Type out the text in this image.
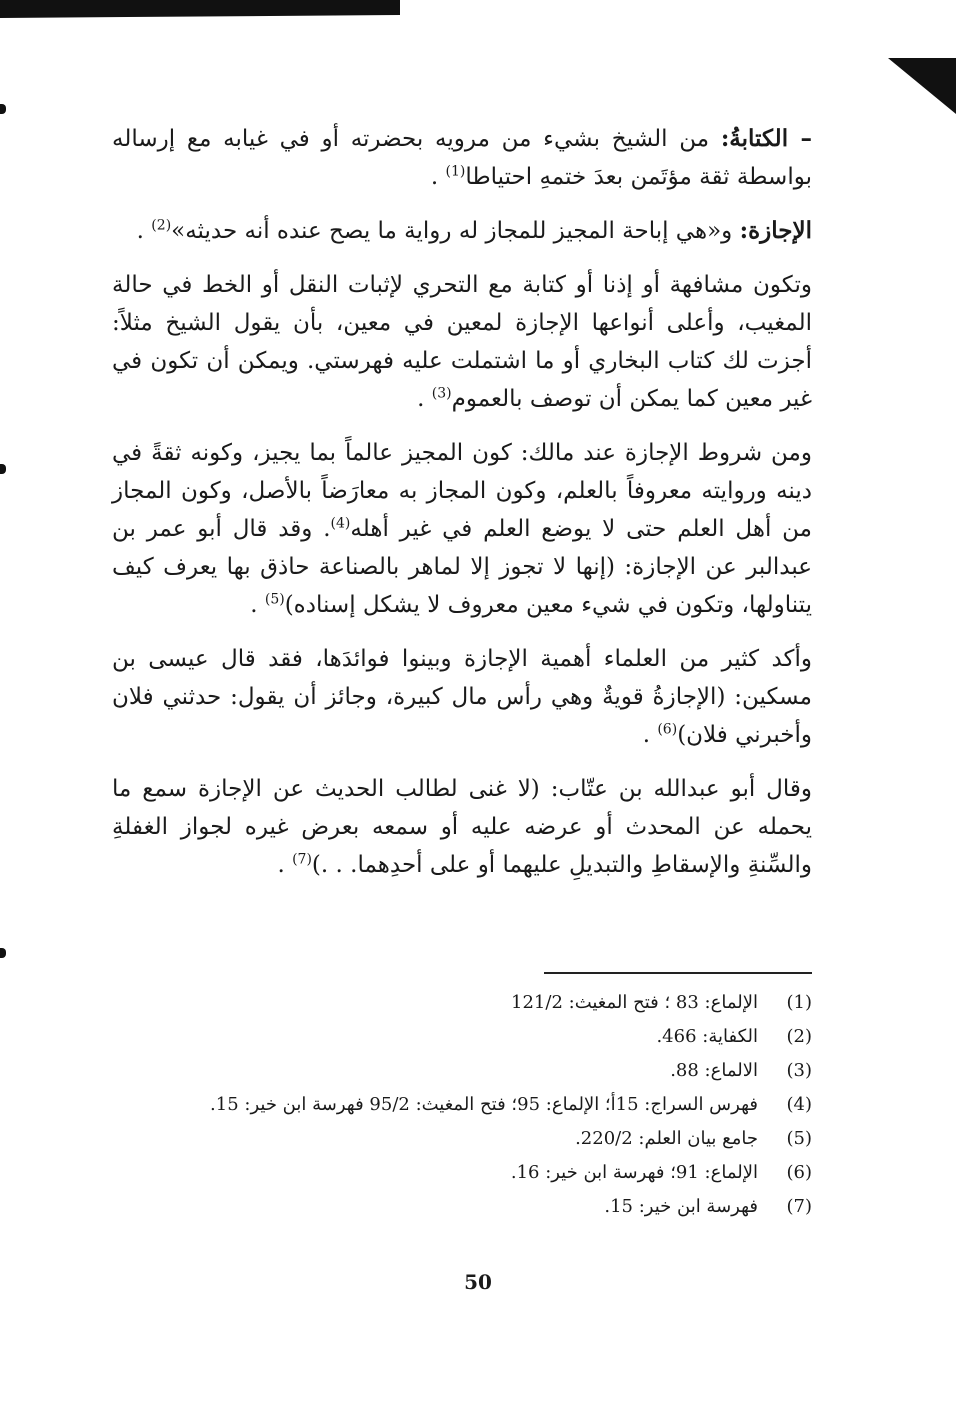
– الكتابةُ: من الشيخ بشيء من مرويه بحضرته أو في غيابه مع إرساله بواسطة ثقة مؤتَمن بعدَ ختمهِ احتياطا$^{(1)}$ .

الإجازة: و«هي إباحة المجيز للمجاز له رواية ما يصح عنده أنه حديثه»$^{(2)}$ .

وتكون مشافهة أو إذنا أو كتابة مع التحري لإثبات النقل أو الخط في حالة المغيب، وأعلى أنواعها الإجازة لمعين في معين، بأن يقول الشيخ مثلاً: أجزت لك كتاب البخاري أو ما اشتملت عليه فهرستي. ويمكن أن تكون في غير معين كما يمكن أن توصف بالعموم$^{(3)}$ .

ومن شروط الإجازة عند مالك: كون المجيز عالماً بما يجيز، وكونه ثقةً في دينه وروايته معروفاً بالعلم، وكون المجاز به معارَضاً بالأصل، وكون المجاز من أهل العلم حتى لا يوضع العلم في غير أهله$^{(4)}$. وقد قال أبو عمر بن عبدالبر عن الإجازة: (إنها لا تجوز إلا لماهر بالصناعة حاذق بها يعرف كيف يتناولها، وتكون في شيء معين معروف لا يشكل إسناده)$^{(5)}$ .

وأكد كثير من العلماء أهمية الإجازة وبينوا فوائدَها، فقد قال عيسى بن مسكين: (الإجازةُ قويةٌ وهي رأس مال كبيرة، وجائز أن يقول: حدثني فلان وأخبرني فلان)$^{(6)}$ .

وقال أبو عبدالله بن عتّاب: (لا غنى لطالب الحديث عن الإجازة سمع ما يحمله عن المحدث أو عرضه عليه أو سمعه بعرض غيره لجواز الغفلةِ والسِّنةِ والإسقاطِ والتبديلِ عليهما أو على أحدِهما. . .)$^{(7)}$ .

(1)
الإلماع: 83 ؛ فتح المغيث: 121/2
(2)
الكفاية: 466.
(3)
الالماع: 88.
(4)
فهرس السراج: 15أ؛ الإلماع: 95؛ فتح المغيث: 95/2 فهرسة ابن خير: 15.
(5)
جامع بيان العلم: 220/2.
(6)
الإلماع: 91؛ فهرسة ابن خير: 16.
(7)
فهرسة ابن خير: 15.
50
